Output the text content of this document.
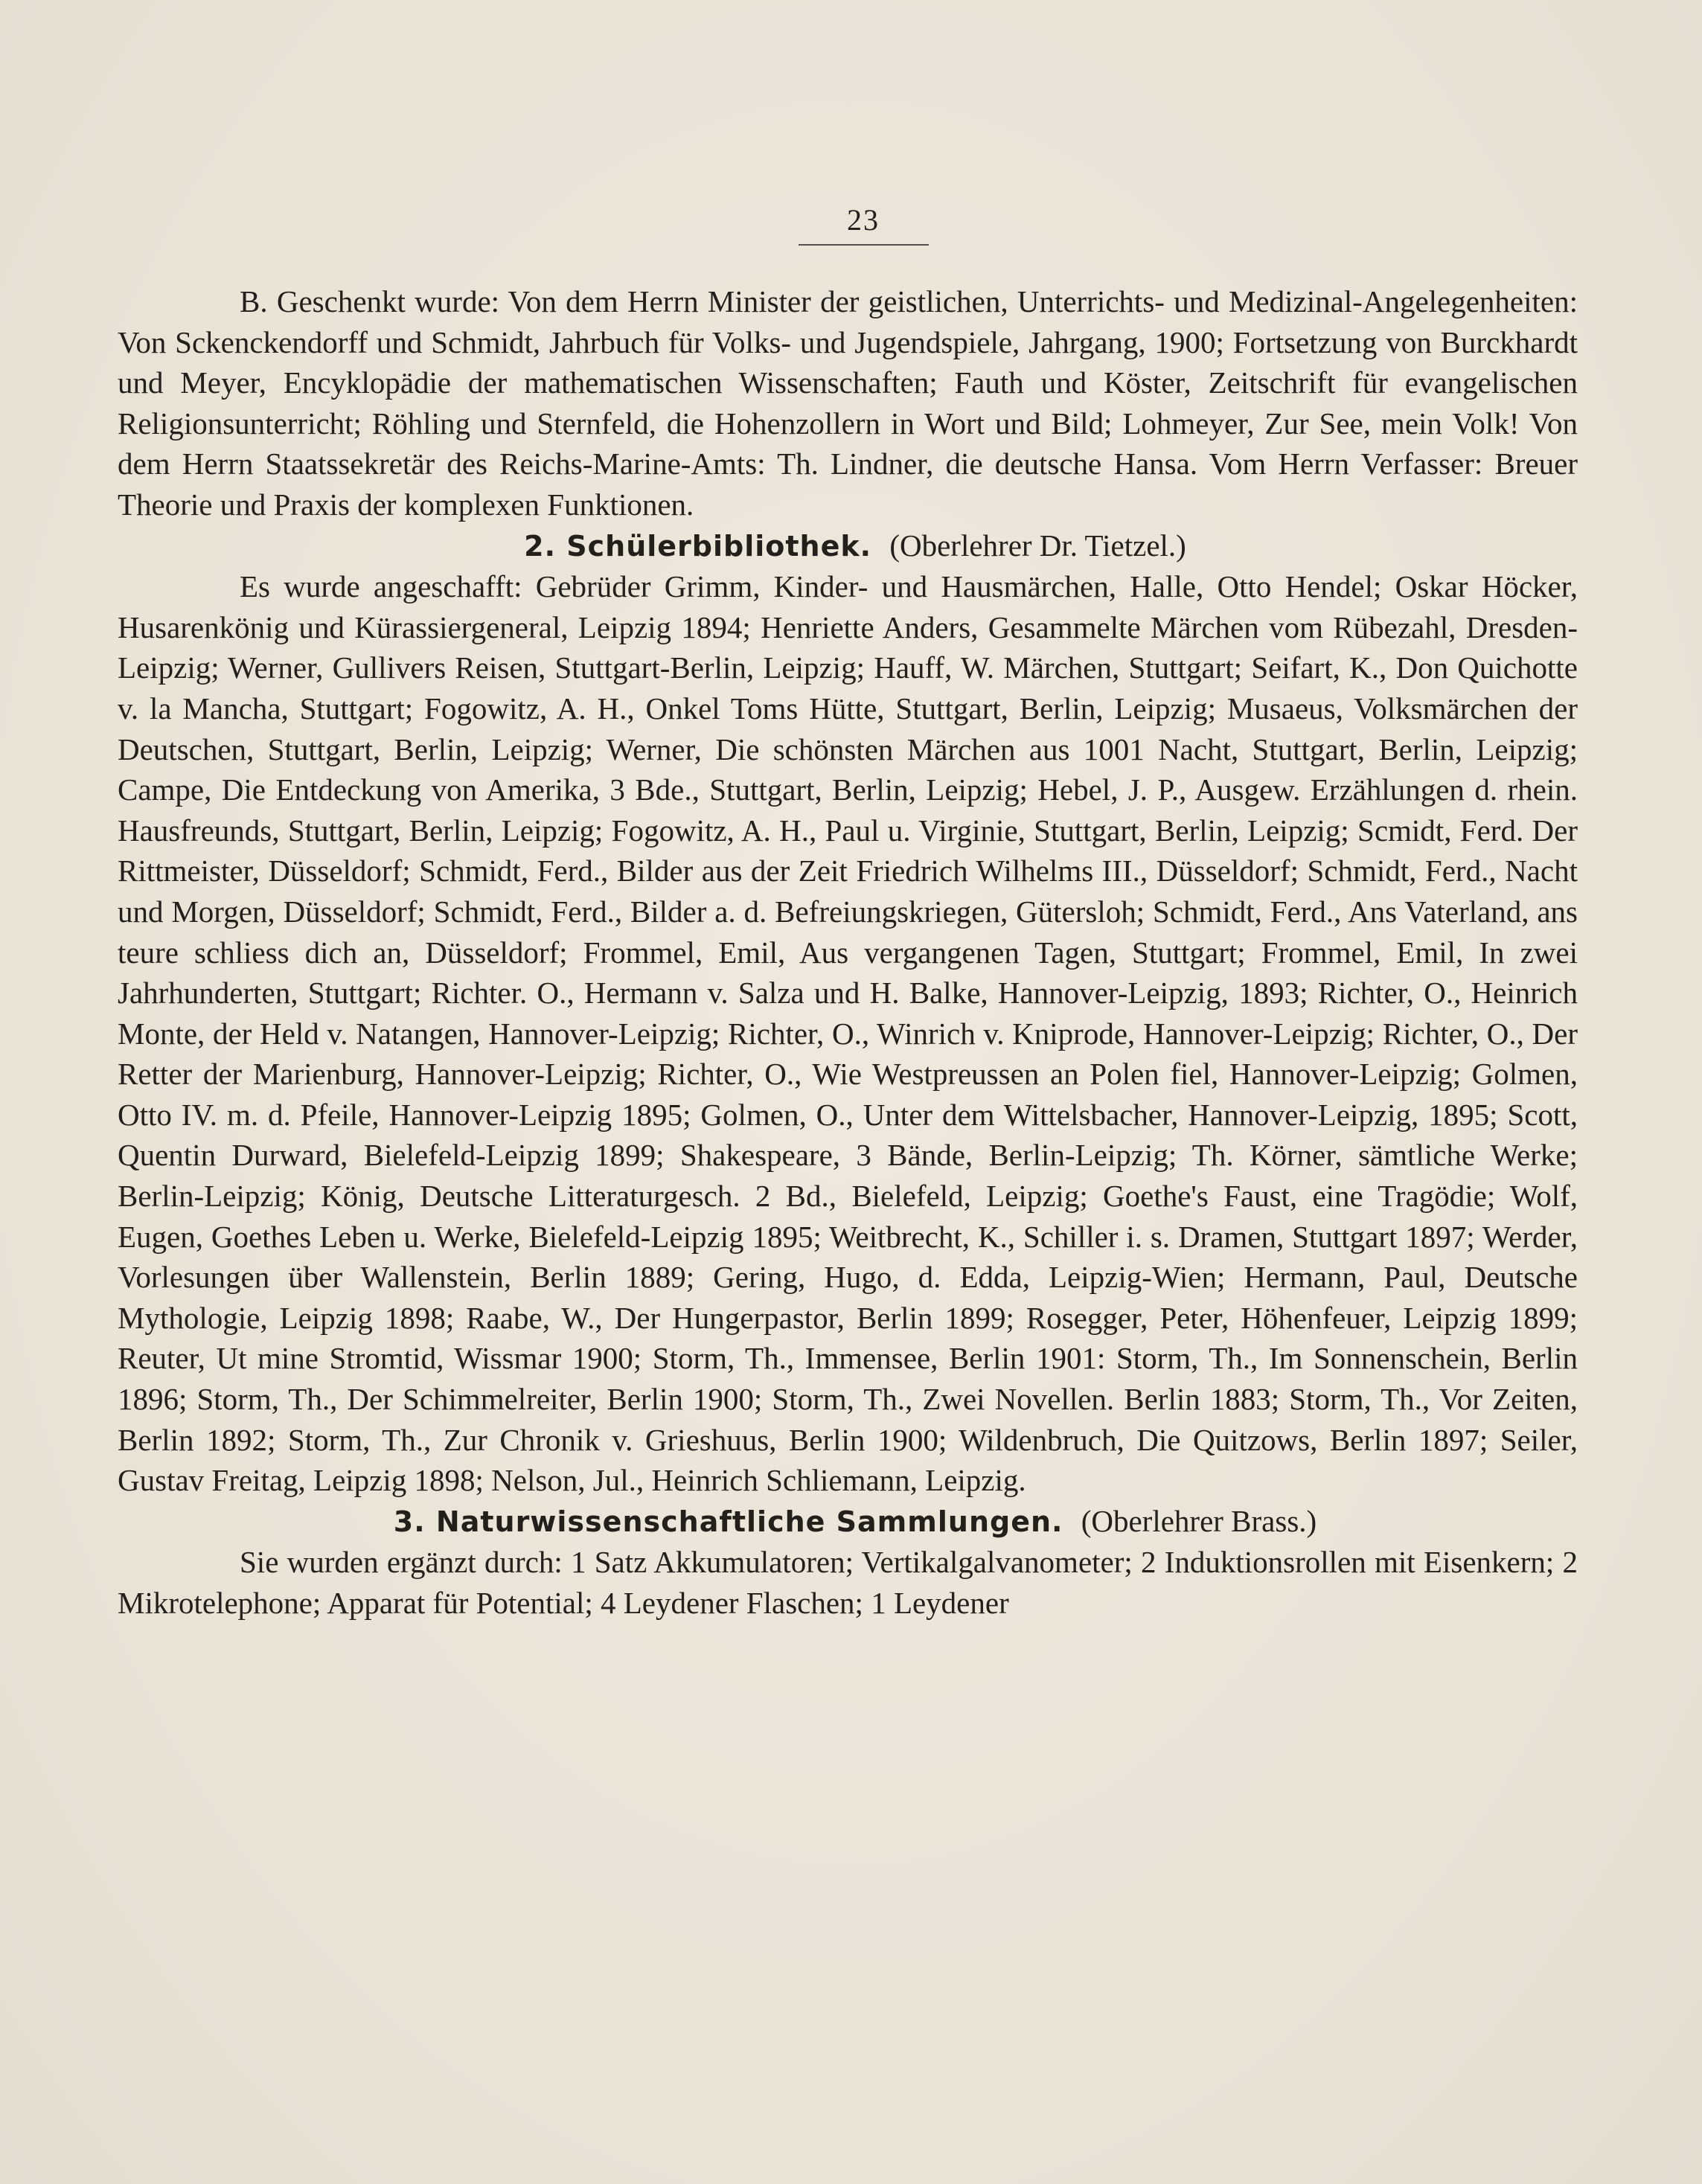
23

B. Geschenkt wurde: Von dem Herrn Minister der geistlichen, Unterrichts- und Medizinal-Angelegenheiten: Von Sckenckendorff und Schmidt, Jahrbuch für Volks- und Jugendspiele, Jahrgang, 1900; Fortsetzung von Burckhardt und Meyer, Encyklopädie der mathematischen Wissenschaften; Fauth und Köster, Zeitschrift für evangelischen Religionsunterricht; Röhling und Sternfeld, die Hohenzollern in Wort und Bild; Lohmeyer, Zur See, mein Volk! Von dem Herrn Staatssekretär des Reichs-Marine-Amts: Th. Lindner, die deutsche Hansa. Vom Herrn Verfasser: Breuer Theorie und Praxis der komplexen Funktionen.

2. Schülerbibliothek. (Oberlehrer Dr. Tietzel.)

Es wurde angeschafft: Gebrüder Grimm, Kinder- und Hausmärchen, Halle, Otto Hendel; Oskar Höcker, Husarenkönig und Kürassiergeneral, Leipzig 1894; Henriette Anders, Gesammelte Märchen vom Rübezahl, Dresden-Leipzig; Werner, Gullivers Reisen, Stuttgart-Berlin, Leipzig; Hauff, W. Märchen, Stuttgart; Seifart, K., Don Quichotte v. la Mancha, Stuttgart; Fogowitz, A. H., Onkel Toms Hütte, Stuttgart, Berlin, Leipzig; Musaeus, Volksmärchen der Deutschen, Stuttgart, Berlin, Leipzig; Werner, Die schönsten Märchen aus 1001 Nacht, Stuttgart, Berlin, Leipzig; Campe, Die Entdeckung von Amerika, 3 Bde., Stuttgart, Berlin, Leipzig; Hebel, J. P., Ausgew. Erzählungen d. rhein. Hausfreunds, Stuttgart, Berlin, Leipzig; Fogowitz, A. H., Paul u. Virginie, Stuttgart, Berlin, Leipzig; Scmidt, Ferd. Der Rittmeister, Düsseldorf; Schmidt, Ferd., Bilder aus der Zeit Friedrich Wilhelms III., Düsseldorf; Schmidt, Ferd., Nacht und Morgen, Düsseldorf; Schmidt, Ferd., Bilder a. d. Befreiungskriegen, Gütersloh; Schmidt, Ferd., Ans Vaterland, ans teure schliess dich an, Düsseldorf; Frommel, Emil, Aus vergangenen Tagen, Stuttgart; Frommel, Emil, In zwei Jahrhunderten, Stuttgart; Richter. O., Hermann v. Salza und H. Balke, Hannover-Leipzig, 1893; Richter, O., Heinrich Monte, der Held v. Natangen, Hannover-Leipzig; Richter, O., Winrich v. Kniprode, Hannover-Leipzig; Richter, O., Der Retter der Marienburg, Hannover-Leipzig; Richter, O., Wie Westpreussen an Polen fiel, Hannover-Leipzig; Golmen, Otto IV. m. d. Pfeile, Hannover-Leipzig 1895; Golmen, O., Unter dem Wittelsbacher, Hannover-Leipzig, 1895; Scott, Quentin Durward, Bielefeld-Leipzig 1899; Shakespeare, 3 Bände, Berlin-Leipzig; Th. Körner, sämtliche Werke; Berlin-Leipzig; König, Deutsche Litteraturgesch. 2 Bd., Bielefeld, Leipzig; Goethe's Faust, eine Tragödie; Wolf, Eugen, Goethes Leben u. Werke, Bielefeld-Leipzig 1895; Weitbrecht, K., Schiller i. s. Dramen, Stuttgart 1897; Werder, Vorlesungen über Wallenstein, Berlin 1889; Gering, Hugo, d. Edda, Leipzig-Wien; Hermann, Paul, Deutsche Mythologie, Leipzig 1898; Raabe, W., Der Hungerpastor, Berlin 1899; Rosegger, Peter, Höhenfeuer, Leipzig 1899; Reuter, Ut mine Stromtid, Wissmar 1900; Storm, Th., Immensee, Berlin 1901: Storm, Th., Im Sonnenschein, Berlin 1896; Storm, Th., Der Schimmelreiter, Berlin 1900; Storm, Th., Zwei Novellen. Berlin 1883; Storm, Th., Vor Zeiten, Berlin 1892; Storm, Th., Zur Chronik v. Grieshuus, Berlin 1900; Wildenbruch, Die Quitzows, Berlin 1897; Seiler, Gustav Freitag, Leipzig 1898; Nelson, Jul., Heinrich Schliemann, Leipzig.

3. Naturwissenschaftliche Sammlungen. (Oberlehrer Brass.)

Sie wurden ergänzt durch: 1 Satz Akkumulatoren; Vertikalgalvanometer; 2 Induktionsrollen mit Eisenkern; 2 Mikrotelephone; Apparat für Potential; 4 Leydener Flaschen; 1 Leydener
